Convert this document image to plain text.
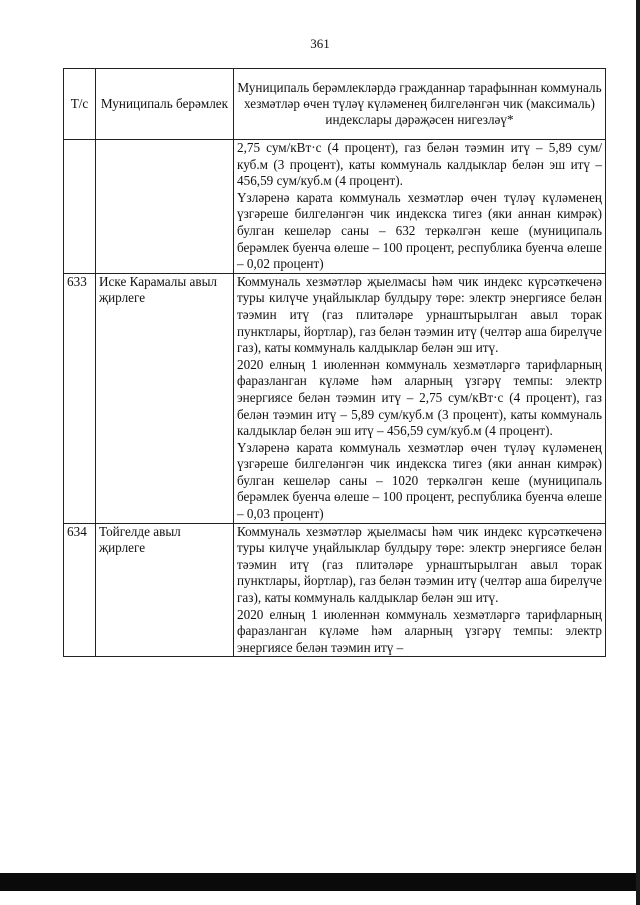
361
Т/с	Муниципаль берәмлек	Муниципаль берәмлекләрдә гражданнар тарафыннан коммуналь хезмәтләр өчен түләү күләменең билгеләнгән чик (максималь) индекслары дәрәҗәсен нигезләү*

		2,75 сум/кВт·с (4 процент), газ белән тәэмин итү – 5,89 сум/куб.м (3 процент), каты коммуналь калдыклар белән эш итү – 456,59 сум/куб.м (4 процент).
Үзләренә карата коммуналь хезмәтләр өчен түләү күләменең үзгәреше билгеләнгән чик индекска тигез (яки аннан кимрәк) булган кешеләр саны – 632 теркәлгән кеше (муниципаль берәмлек буенча өлеше – 100 процент, республика буенча өлеше – 0,02 процент)

633	Иске Карамалы авыл җирлеге	Коммуналь хезмәтләр җыелмасы һәм чик индекс күрсәткеченә туры килүче уңайлыклар булдыру төре: электр энергиясе белән тәэмин итү (газ плитәләре урнаштырылган авыл торак пунктлары, йортлар), газ белән тәэмин итү (челтәр аша бирелүче газ), каты коммуналь калдыклар белән эш итү.
2020 елның 1 июленнән коммуналь хезмәтләргә тарифларның фаразланган күләме һәм аларның үзгәрү темпы: электр энергиясе белән тәэмин итү – 2,75 сум/кВт·с (4 процент), газ белән тәэмин итү – 5,89 сум/куб.м (3 процент), каты коммуналь калдыклар белән эш итү – 456,59 сум/куб.м (4 процент).
Үзләренә карата коммуналь хезмәтләр өчен түләү күләменең үзгәреше билгеләнгән чик индекска тигез (яки аннан кимрәк) булган кешеләр саны – 1020 теркәлгән кеше (муниципаль берәмлек буенча өлеше – 100 процент, республика буенча өлеше – 0,03 процент)

634	Тойгелде авыл җирлеге	Коммуналь хезмәтләр җыелмасы һәм чик индекс күрсәткеченә туры килүче уңайлыклар булдыру төре: электр энергиясе белән тәэмин итү (газ плитәләре урнаштырылган авыл торак пунктлары, йортлар), газ белән тәэмин итү (челтәр аша бирелүче газ), каты коммуналь калдыклар белән эш итү.
2020 елның 1 июленнән коммуналь хезмәтләргә тарифларның фаразланган күләме һәм аларның үзгәрү темпы: электр энергиясе белән тәэмин итү –
